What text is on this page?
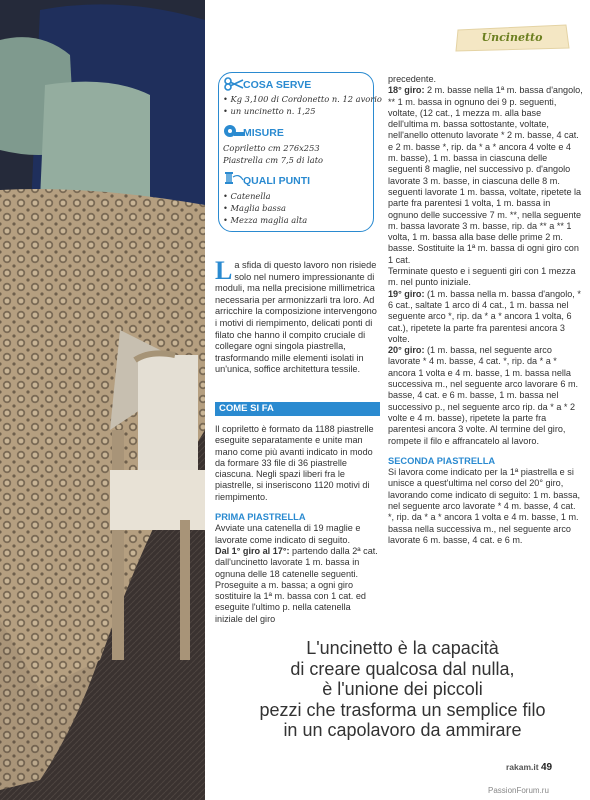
Uncinetto
COSA SERVE
• Kg 3,100 di Cordonetto n. 12 avorio
• un uncinetto n. 1,25
MISURE
Copriletto cm 276x253
Piastrella cm 7,5 di lato
QUALI PUNTI
• Catenella
• Maglia bassa
• Mezza maglia alta
La sfida di questo lavoro non risiede solo nel numero impressionante di moduli, ma nella precisione millimetrica necessaria per armonizzarli tra loro. Ad arricchire la composizione intervengono i motivi di riempimento, delicati ponti di filato che hanno il compito cruciale di collegare ogni singola piastrella, trasformando mille elementi isolati in un'unica, soffice architettura tessile.
COME SI FA

Il copriletto è formato da 1188 piastrelle eseguite separatamente e unite man mano come più avanti indicato in modo da formare 33 file di 36 piastrelle ciascuna. Negli spazi liberi fra le piastrelle, si inseriscono 1120 motivi di riempimento.

PRIMA PIASTRELLA

Avviate una catenella di 19 maglie e lavorate come indicato di seguito.

Dal 1° giro al 17°: partendo dalla 2ª cat. dall'uncinetto lavorate 1 m. bassa in ognuna delle 18 catenelle seguenti. Proseguite a m. bassa; a ogni giro sostituire la 1ª m. bassa con 1 cat. ed eseguite l'ultimo p. nella catenella iniziale del giro

precedente.

18° giro: 2 m. basse nella 1ª m. bassa d'angolo, ** 1 m. bassa in ognuno dei 9 p. seguenti, voltate, (12 cat., 1 mezza m. alla base dell'ultima m. bassa sottostante, voltate, nell'anello ottenuto lavorate * 2 m. basse, 4 cat. e 2 m. basse *, rip. da * a * ancora 4 volte e 4 m. basse), 1 m. bassa in ciascuna delle seguenti 8 maglie, nel successivo p. d'angolo lavorate 3 m. basse, in ciascuna delle 8 m. seguenti lavorate 1 m. bassa, voltate, ripetete la parte fra parentesi 1 volta, 1 m. bassa in ognuno delle successive 7 m. **, nella seguente m. bassa lavorate 3 m. basse, rip. da ** a ** 1 volta, 1 m. bassa alla base delle prime 2 m. basse. Sostituite la 1ª m. bassa di ogni giro con 1 cat.

Terminate questo e i seguenti giri con 1 mezza m. nel punto iniziale.

19° giro: (1 m. bassa nella m. bassa d'angolo, * 6 cat., saltate 1 arco di 4 cat., 1 m. bassa nel seguente arco *, rip. da * a * ancora 1 volta, 6 cat.), ripetete la parte fra parentesi ancora 3 volte.

20° giro: (1 m. bassa, nel seguente arco lavorate * 4 m. basse, 4 cat. *, rip. da * a * ancora 1 volta e 4 m. basse, 1 m. bassa nella successiva m., nel seguente arco lavorare 6 m. basse, 4 cat. e 6 m. basse, 1 m. bassa nel successivo p., nel seguente arco rip. da * a * 2 volte e 4 m. basse), ripetete la parte fra parentesi ancora 3 volte. Al termine del giro, rompete il filo e affrancatelo al lavoro.

SECONDA PIASTRELLA

Si lavora come indicato per la 1ª piastrella e si unisce a quest'ultima nel corso del 20° giro, lavorando come indicato di seguito: 1 m. bassa, nel seguente arco lavorate * 4 m. basse, 4 cat. *, rip. da * a * ancora 1 volta e 4 m. basse, 1 m. bassa nella successiva m., nel seguente arco lavorate 6 m. basse, 4 cat. e 6 m.

L'uncinetto è la capacità
di creare qualcosa dal nulla,
è l'unione dei piccoli
pezzi che trasforma un semplice filo
in un capolavoro da ammirare
rakam.it 49
PassionForum.ru
